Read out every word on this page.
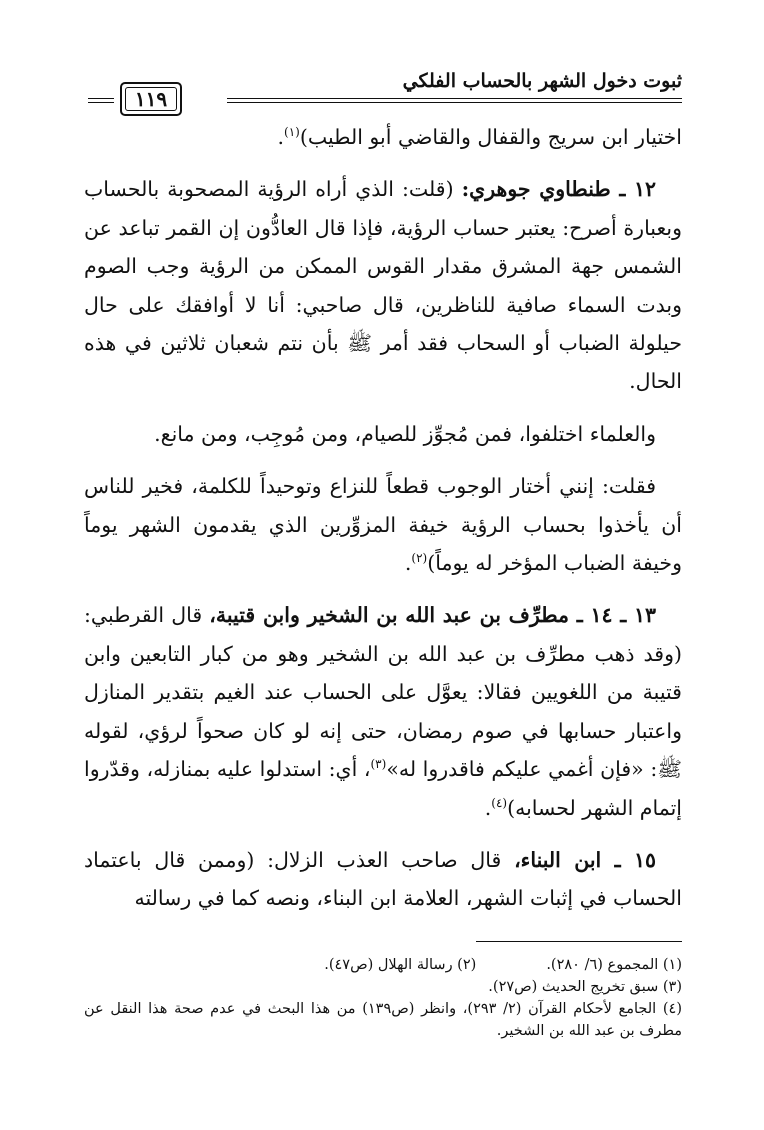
ثبوت دخول الشهر بالحساب الفلكي
١١٩

اختيار ابن سريج والقفال والقاضي أبو الطيب)$^{(١)}$.

١٢ ـ طنطاوي جوهري: (قلت: الذي أراه الرؤية المصحوبة بالحساب وبعبارة أصرح: يعتبر حساب الرؤية، فإذا قال العادُّون إن القمر تباعد عن الشمس جهة المشرق مقدار القوس الممكن من الرؤية وجب الصوم وبدت السماء صافية للناظرين، قال صاحبي: أنا لا أوافقك على حال حيلولة الضباب أو السحاب فقد أمر ﷺ بأن نتم شعبان ثلاثين في هذه الحال.

والعلماء اختلفوا، فمن مُجوِّز للصيام، ومن مُوجِب، ومن مانع.

فقلت: إنني أختار الوجوب قطعاً للنزاع وتوحيداً للكلمة، فخير للناس أن يأخذوا بحساب الرؤية خيفة المزوِّرين الذي يقدمون الشهر يوماً وخيفة الضباب المؤخر له يوماً)$^{(٢)}$.

١٣ ـ ١٤ ـ مطرِّف بن عبد الله بن الشخير وابن قتيبة، قال القرطبي: (وقد ذهب مطرِّف بن عبد الله بن الشخير وهو من كبار التابعين وابن قتيبة من اللغويين فقالا: يعوَّل على الحساب عند الغيم بتقدير المنازل واعتبار حسابها في صوم رمضان، حتى إنه لو كان صحواً لرؤي، لقوله ﷺ: «فإن أغمي عليكم فاقدروا له»$^{(٣)}$، أي: استدلوا عليه بمنازله، وقدّروا إتمام الشهر لحسابه)$^{(٤)}$.

١٥ ـ ابن البناء، قال صاحب العذب الزلال: (وممن قال باعتماد الحساب في إثبات الشهر، العلامة ابن البناء، ونصه كما في رسالته

(١) المجموع (٦/ ٢٨٠).
(٢) رسالة الهلال (ص٤٧).
(٣) سبق تخريج الحديث (ص٢٧).
(٤) الجامع لأحكام القرآن (٢/ ٢٩٣)، وانظر (ص١٣٩) من هذا البحث في عدم صحة هذا النقل عن مطرف بن عبد الله بن الشخير.
